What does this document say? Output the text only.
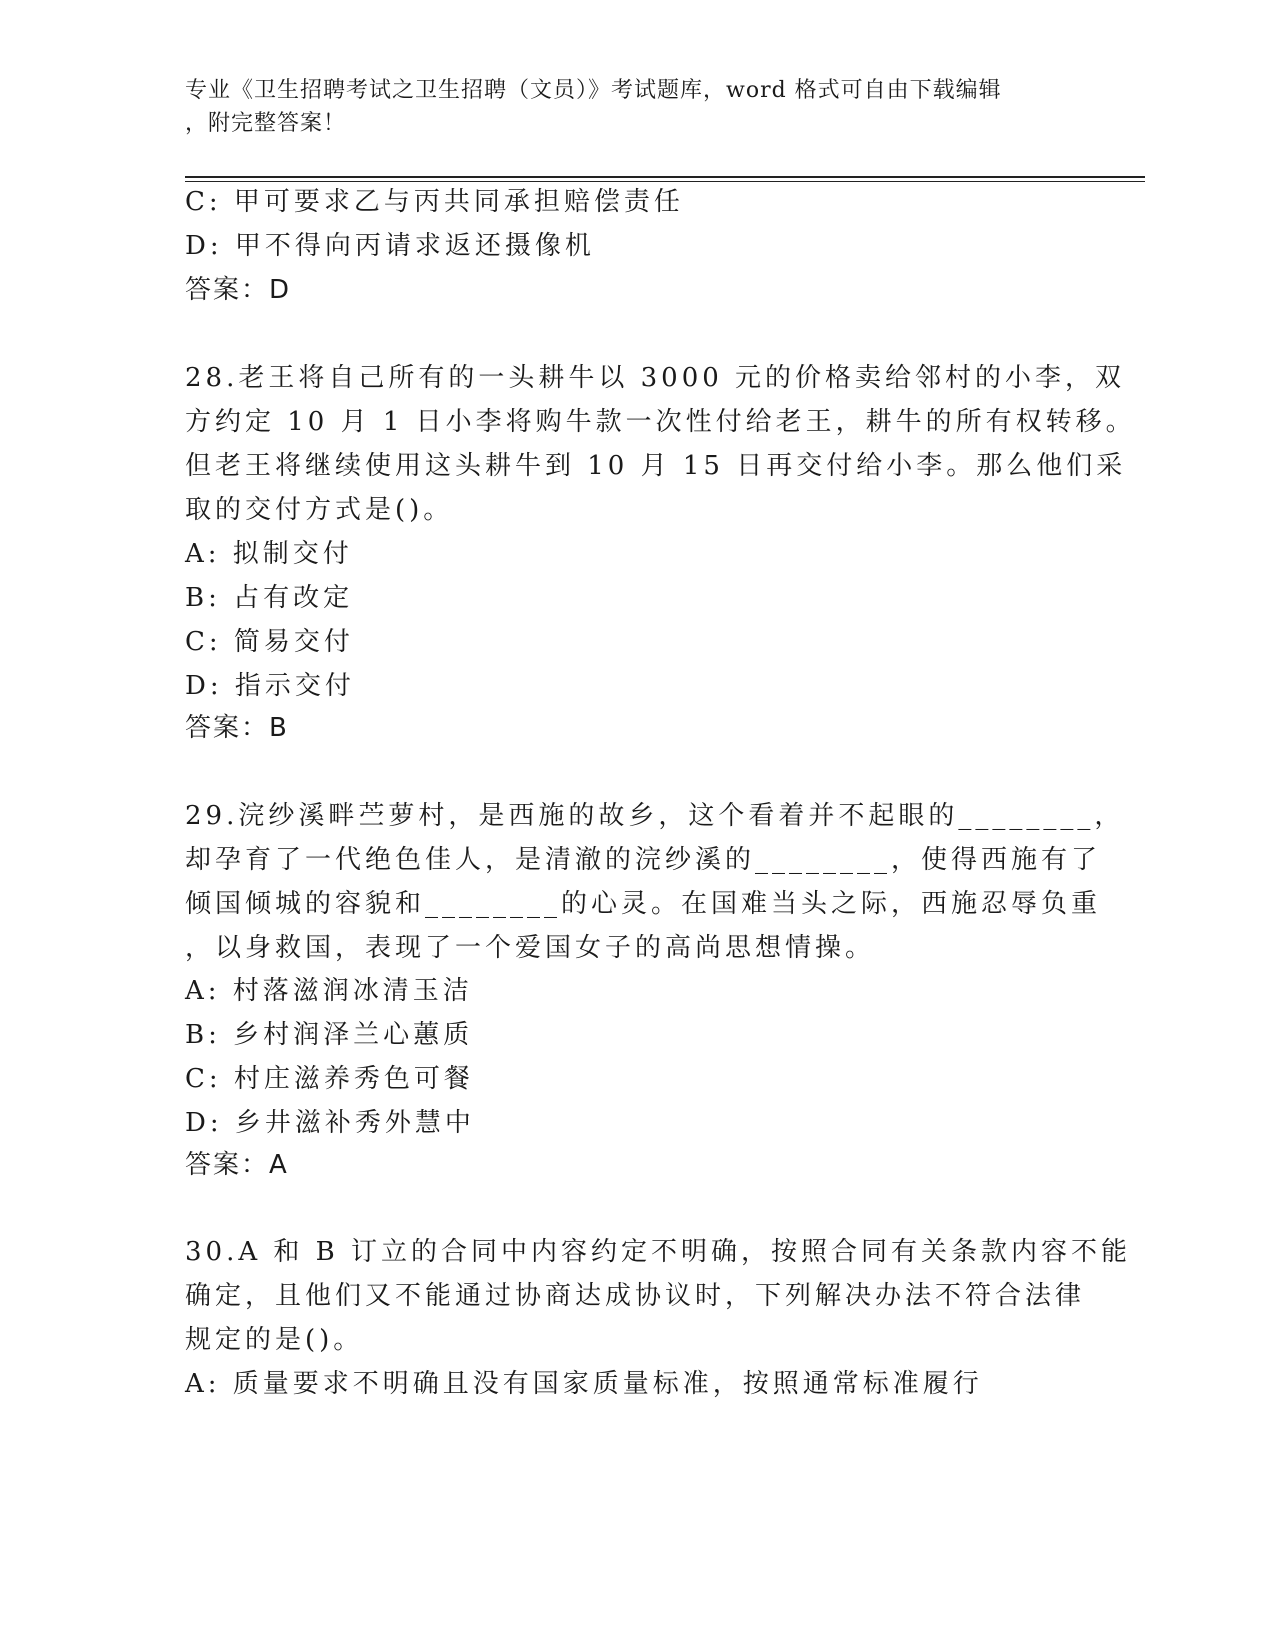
专业《卫生招聘考试之卫生招聘（文员）》考试题库，word 格式可自由下载编辑
，附完整答案！
C: 甲可要求乙与丙共同承担赔偿责任
D: 甲不得向丙请求返还摄像机
答案：D
28.老王将自己所有的一头耕牛以 3000 元的价格卖给邻村的小李，双
方约定 10 月 1 日小李将购牛款一次性付给老王，耕牛的所有权转移。
但老王将继续使用这头耕牛到 10 月 15 日再交付给小李。那么他们采
取的交付方式是()。
A: 拟制交付
B: 占有改定
C: 简易交付
D: 指示交付
答案：B
29.浣纱溪畔苎萝村，是西施的故乡，这个看着并不起眼的________，
却孕育了一代绝色佳人，是清澈的浣纱溪的________，使得西施有了
倾国倾城的容貌和________的心灵。在国难当头之际，西施忍辱负重
，以身救国，表现了一个爱国女子的高尚思想情操。
A: 村落滋润冰清玉洁
B: 乡村润泽兰心蕙质
C: 村庄滋养秀色可餐
D: 乡井滋补秀外慧中
答案：A
30.A 和 B 订立的合同中内容约定不明确，按照合同有关条款内容不能
确定，且他们又不能通过协商达成协议时，下列解决办法不符合法律
规定的是()。
A: 质量要求不明确且没有国家质量标准，按照通常标准履行
